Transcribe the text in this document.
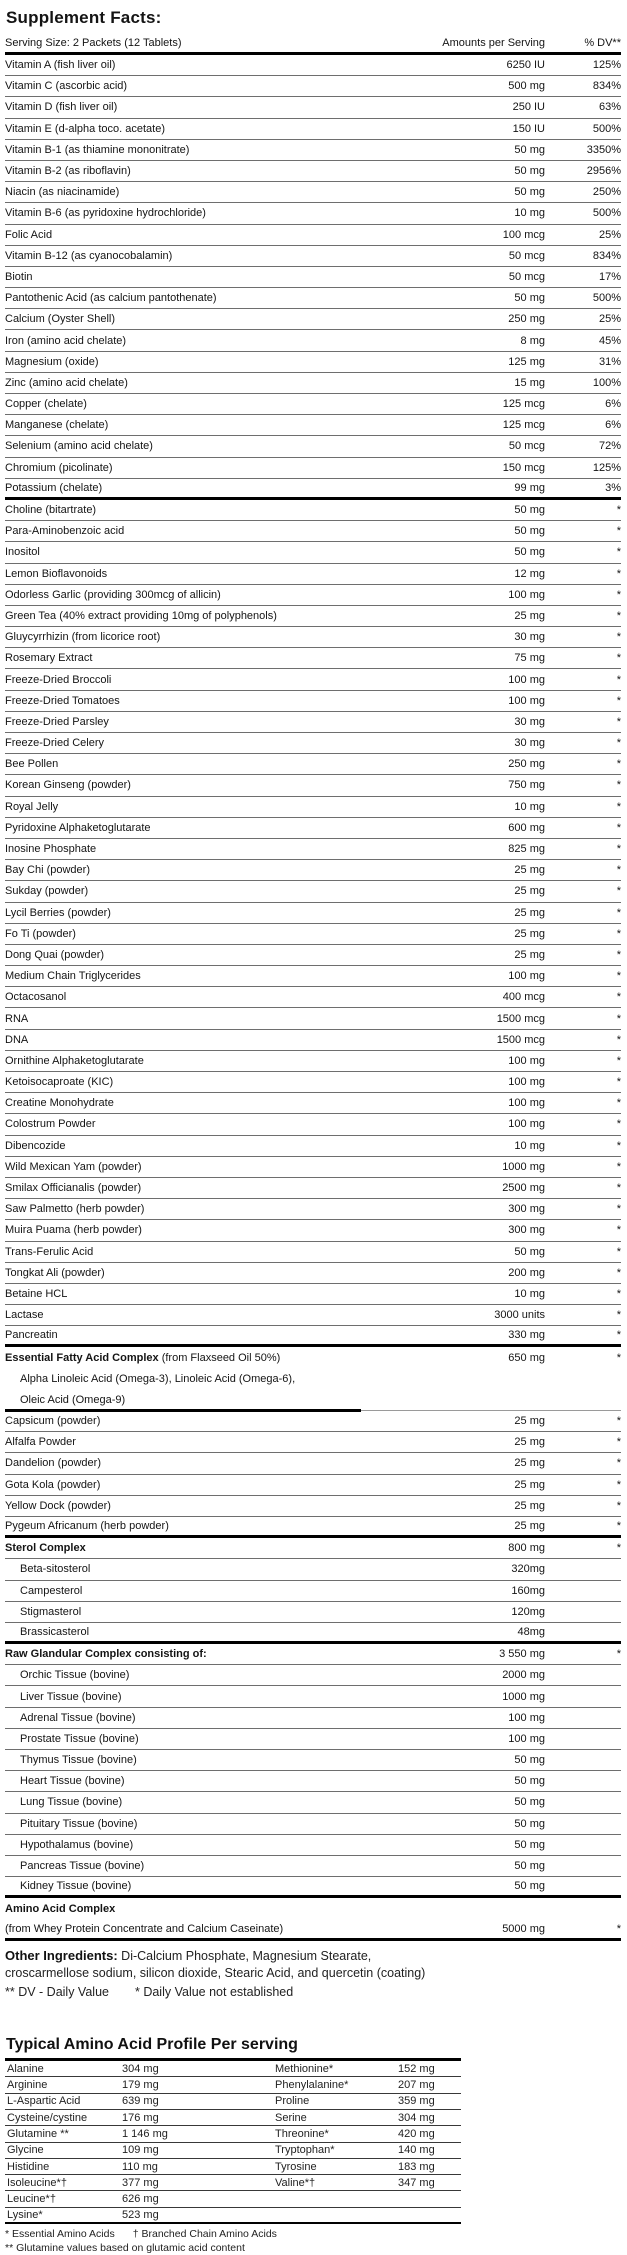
Supplement Facts:
Serving Size: 2 Packets (12 Tablets)	Amounts per Serving	% DV**
Vitamin A (fish liver oil)	6250 IU	125%
Vitamin C (ascorbic acid)	500 mg	834%
Vitamin D (fish liver oil)	250 IU	63%
Vitamin E (d-alpha toco. acetate)	150 IU	500%
Vitamin B-1 (as thiamine mononitrate)	50 mg	3350%
Vitamin B-2 (as riboflavin)	50 mg	2956%
Niacin (as niacinamide)	50 mg	250%
Vitamin B-6 (as pyridoxine hydrochloride)	10 mg	500%
Folic Acid	100 mcg	25%
Vitamin B-12 (as cyanocobalamin)	50 mcg	834%
Biotin	50 mcg	17%
Pantothenic Acid (as calcium pantothenate)	50 mg	500%
Calcium (Oyster Shell)	250 mg	25%
Iron (amino acid chelate)	8 mg	45%
Magnesium (oxide)	125 mg	31%
Zinc (amino acid chelate)	15 mg	100%
Copper (chelate)	125 mcg	6%
Manganese (chelate)	125 mcg	6%
Selenium (amino acid chelate)	50 mcg	72%
Chromium (picolinate)	150 mcg	125%
Potassium (chelate)	99 mg	3%
Choline (bitartrate)	50 mg	*
Para-Aminobenzoic acid	50 mg	*
Inositol	50 mg	*
Lemon Bioflavonoids	12 mg	*
Odorless Garlic (providing 300mcg of allicin)	100 mg	*
Green Tea (40% extract providing 10mg of polyphenols)	25 mg	*
Gluycyrrhizin (from licorice root)	30 mg	*
Rosemary Extract	75 mg	*
Freeze-Dried Broccoli	100 mg	*
Freeze-Dried Tomatoes	100 mg	*
Freeze-Dried Parsley	30 mg	*
Freeze-Dried Celery	30 mg	*
Bee Pollen	250 mg	*
Korean Ginseng (powder)	750 mg	*
Royal Jelly	10 mg	*
Pyridoxine Alphaketoglutarate	600 mg	*
Inosine Phosphate	825 mg	*
Bay Chi (powder)	25 mg	*
Sukday (powder)	25 mg	*
Lycil Berries (powder)	25 mg	*
Fo Ti (powder)	25 mg	*
Dong Quai (powder)	25 mg	*
Medium Chain Triglycerides	100 mg	*
Octacosanol	400 mcg	*
RNA	1500 mcg	*
DNA	1500 mcg	*
Ornithine Alphaketoglutarate	100 mg	*
Ketoisocaproate (KIC)	100 mg	*
Creatine Monohydrate	100 mg	*
Colostrum Powder	100 mg	*
Dibencozide	10 mg	*
Wild Mexican Yam (powder)	1000 mg	*
Smilax Officianalis (powder)	2500 mg	*
Saw Palmetto (herb powder)	300 mg	*
Muira Puama (herb powder)	300 mg	*
Trans-Ferulic Acid	50 mg	*
Tongkat Ali (powder)	200 mg	*
Betaine HCL	10 mg	*
Lactase	3000 units	*
Pancreatin	330 mg	*
Essential Fatty Acid Complex (from Flaxseed Oil 50%)	650 mg	*
Alpha Linoleic Acid (Omega-3), Linoleic Acid (Omega-6),
Oleic Acid (Omega-9)
Capsicum (powder)	25 mg	*
Alfalfa Powder	25 mg	*
Dandelion (powder)	25 mg	*
Gota Kola (powder)	25 mg	*
Yellow Dock (powder)	25 mg	*
Pygeum Africanum (herb powder)	25 mg	*
Sterol Complex	800 mg	*
Beta-sitosterol	320mg
Campesterol	160mg
Stigmasterol	120mg
Brassicasterol	48mg
Raw Glandular Complex consisting of:	3 550 mg	*
Orchic Tissue (bovine)	2000 mg
Liver Tissue (bovine)	1000 mg
Adrenal Tissue (bovine)	100 mg
Prostate Tissue (bovine)	100 mg
Thymus Tissue (bovine)	50 mg
Heart Tissue (bovine)	50 mg
Lung Tissue (bovine)	50 mg
Pituitary Tissue (bovine)	50 mg
Hypothalamus (bovine)	50 mg
Pancreas Tissue (bovine)	50 mg
Kidney Tissue (bovine)	50 mg
Amino Acid Complex
(from Whey Protein Concentrate and Calcium Caseinate)	5000 mg	*
Other Ingredients: Di-Calcium Phosphate, Magnesium Stearate,
croscarmellose sodium, silicon dioxide, Stearic Acid, and quercetin (coating)
** DV - Daily Value * Daily Value not established
Typical Amino Acid Profile Per serving
Alanine	304 mg	Methionine*	152 mg
Arginine	179 mg	Phenylalanine*	207 mg
L-Aspartic Acid	639 mg	Proline	359 mg
Cysteine/cystine	176 mg	Serine	304 mg
Glutamine **	1 146 mg	Threonine*	420 mg
Glycine	109 mg	Tryptophan*	140 mg
Histidine	110 mg	Tyrosine	183 mg
Isoleucine*†	377 mg	Valine*†	347 mg
Leucine*†	626 mg
Lysine*	523 mg
* Essential Amino Acids † Branched Chain Amino Acids
** Glutamine values based on glutamic acid content
